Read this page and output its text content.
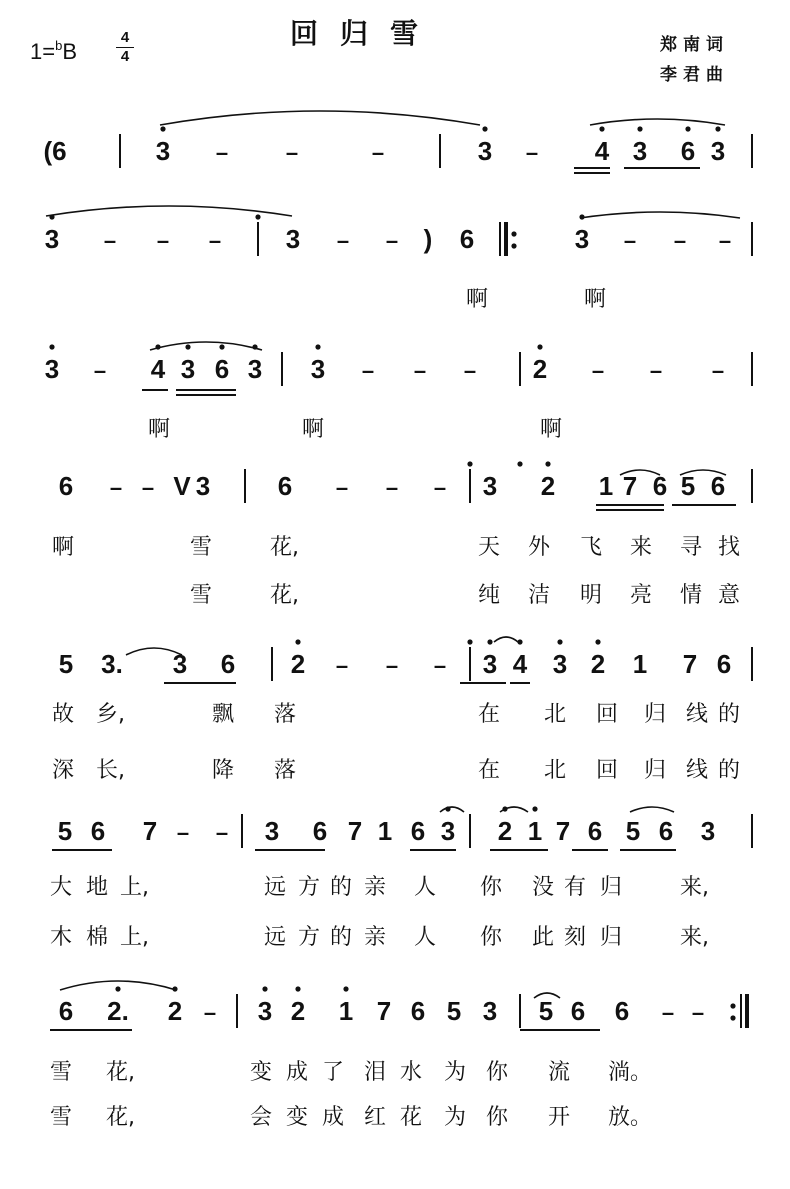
1=$^b$B
4
4
回归雪	郑南词
李君曲
(6	3 –	–	–	3 – 4 3 6 3
3 – – – 3 – – ) 6	3 – – –
3 – 4 3 6 3 3 – – – 2 – – –
6 – – V 3	6 – – – 3 2 1 7 6 5 6
5 3. 3 6 2 – – – 3 4 3 2 1 7 6
5 6 7 – – 3 6 7 1 6 3 2 1 7 6 5 6 3
6 2. 2 – 3 2 1 7 6 5 3 5 6 6 – –
啊	啊
啊	啊	啊
啊	雪	花,	天 外 飞 来 寻 找
雪	花,	纯 洁 明 亮 情 意
故 乡,	飘 落	在 北 回 归 线 的
深 长,	降 落	在 北 回 归 线 的
大 地 上,	远 方 的 亲 人 你 没 有 归	来,
木 棉 上,	远 方 的 亲 人 你 此 刻 归	来,
雪 花,	变 成 了 泪 水 为 你 流 淌。
雪 花,	会 变 成 红 花 为 你 开 放。
